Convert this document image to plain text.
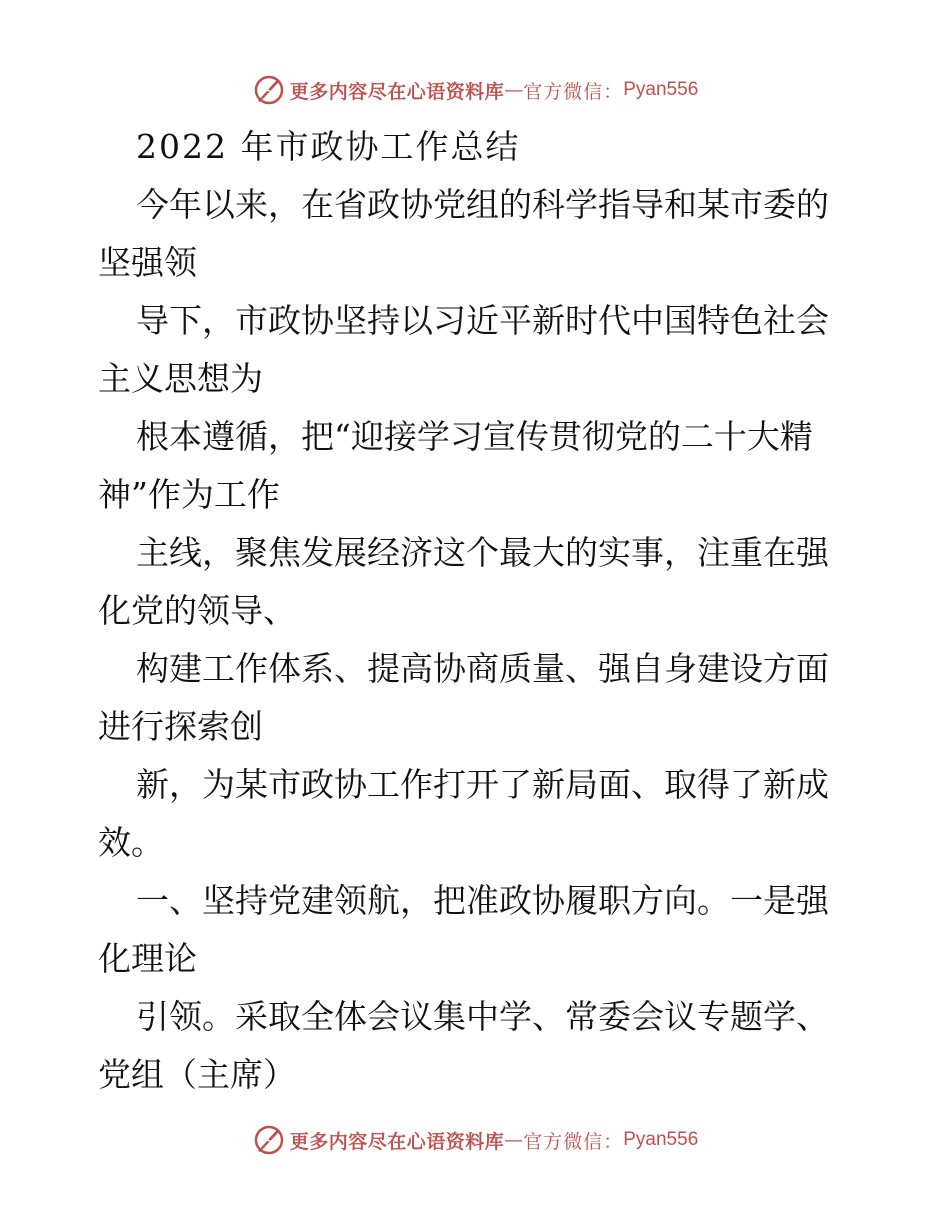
更多内容尽在心语资料库 — 官方微信： Pyan556

2022 年市政协工作总结

今年以来，在省政协党组的科学指导和某市委的

坚强领

导下，市政协坚持以习近平新时代中国特色社会

主义思想为

根本遵循，把“迎接学习宣传贯彻党的二十大精

神”作为工作

主线，聚焦发展经济这个最大的实事，注重在强

化党的领导、

构建工作体系、提高协商质量、强自身建设方面

进行探索创

新，为某市政协工作打开了新局面、取得了新成

效。

一、坚持党建领航，把准政协履职方向。一是强

化理论

引领。采取全体会议集中学、常委会议专题学、

党组（主席）

更多内容尽在心语资料库 — 官方微信： Pyan556
